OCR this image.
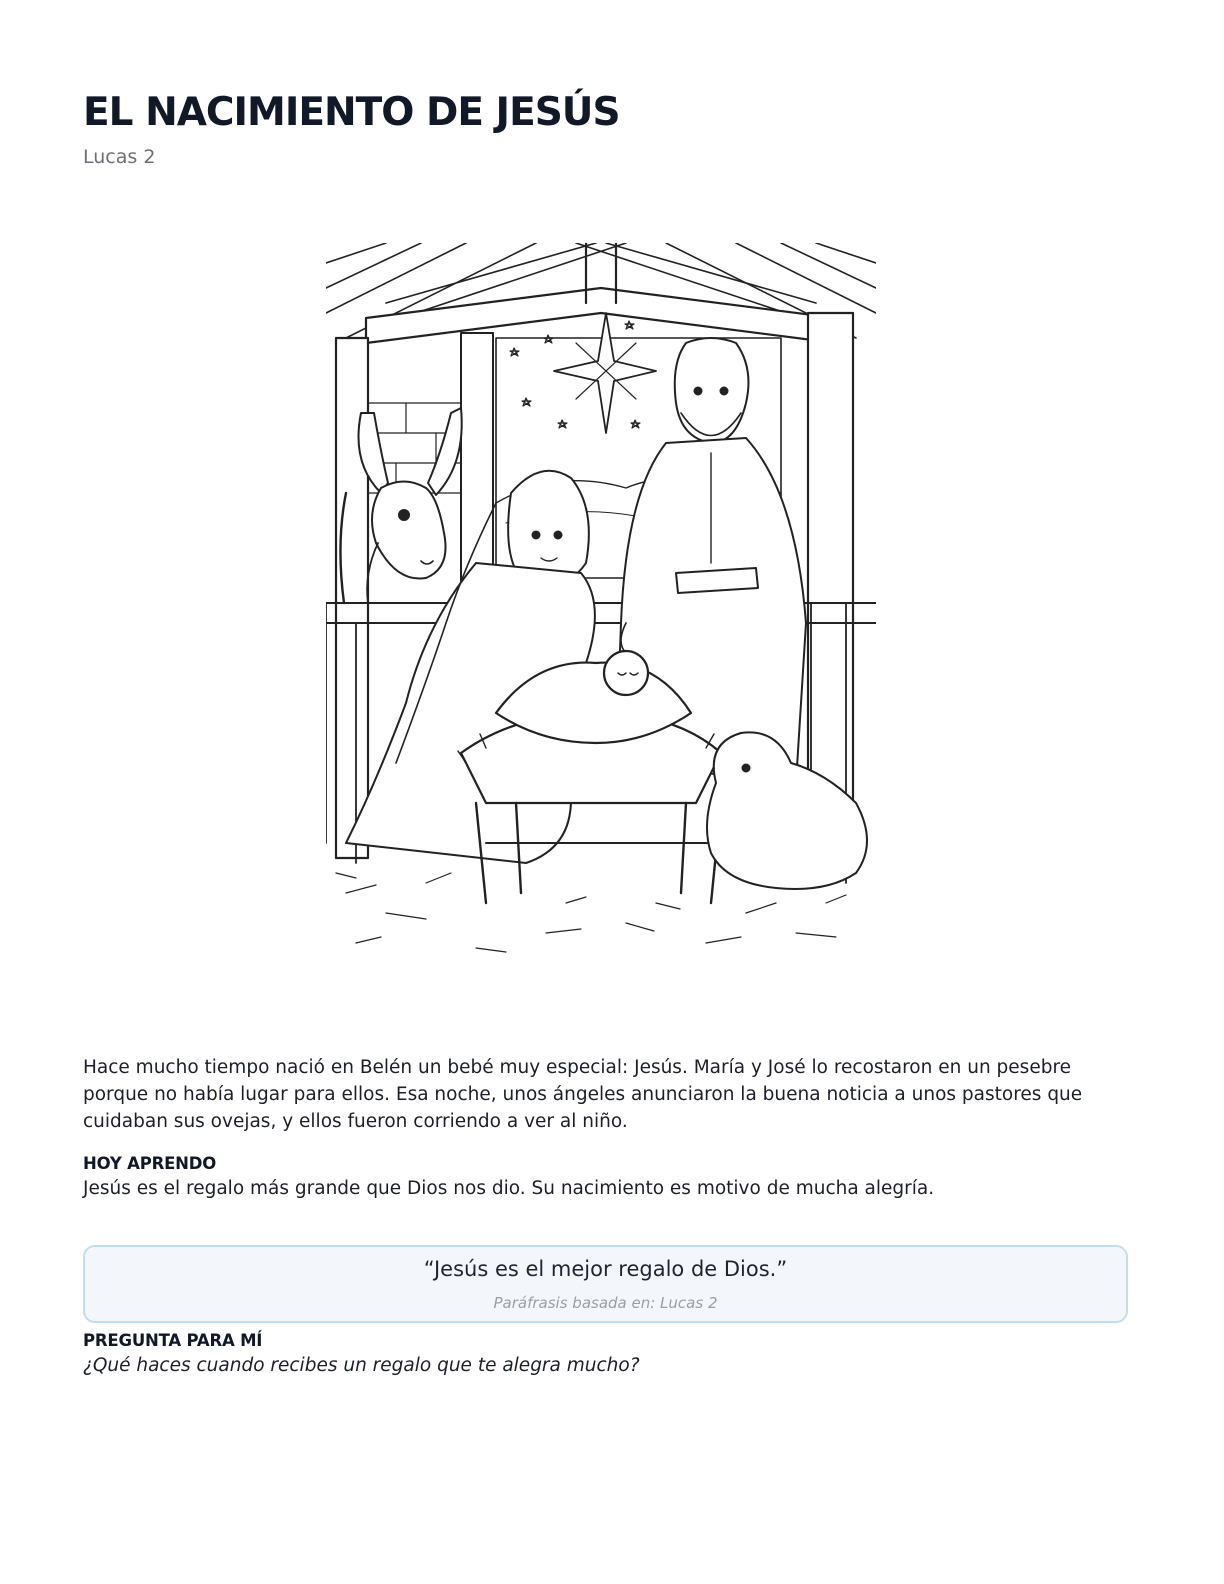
EL NACIMIENTO DE JESÚS
Lucas 2

Hace mucho tiempo nació en Belén un bebé muy especial: Jesús. María y José lo recostaron en un pesebre porque no había lugar para ellos. Esa noche, unos ángeles anunciaron la buena noticia a unos pastores que cuidaban sus ovejas, y ellos fueron corriendo a ver al niño.

HOY APRENDO
Jesús es el regalo más grande que Dios nos dio. Su nacimiento es motivo de mucha alegría.
“Jesús es el mejor regalo de Dios.”
Paráfrasis basada en: Lucas 2
PREGUNTA PARA MÍ
¿Qué haces cuando recibes un regalo que te alegra mucho?
